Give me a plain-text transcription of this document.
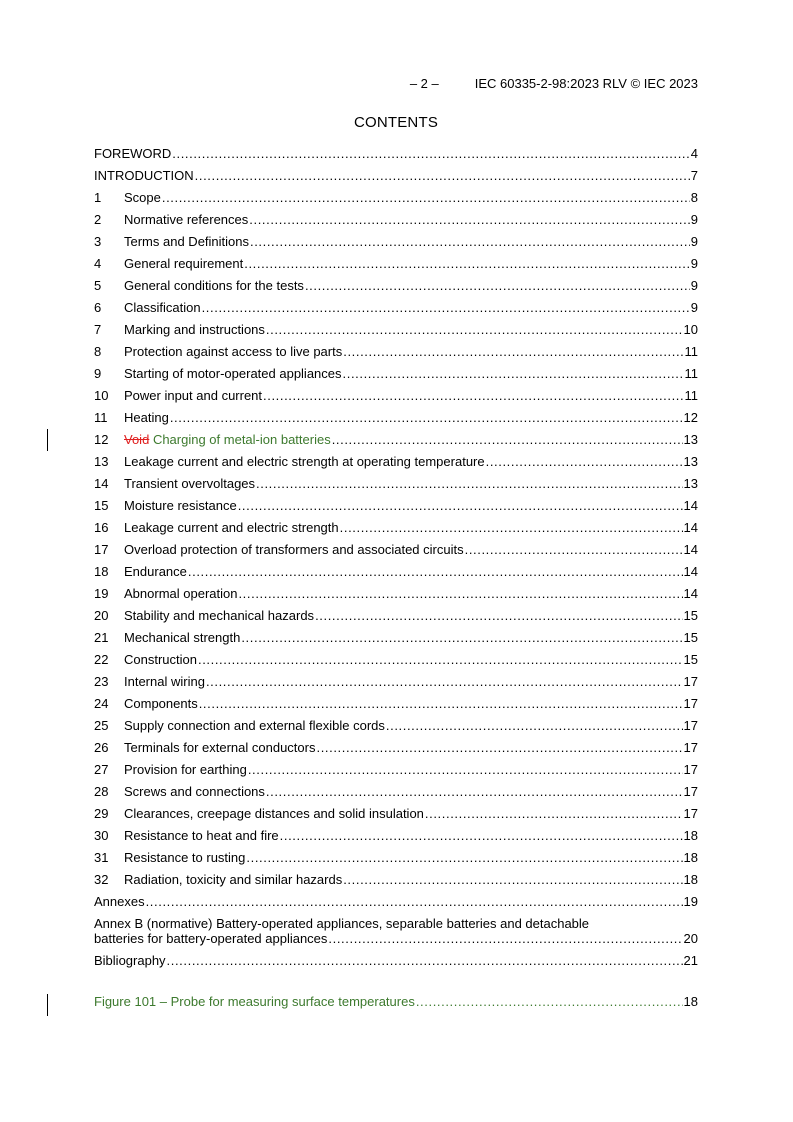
– 2 –	IEC 60335-2-98:2023 RLV © IEC 2023
CONTENTS
FOREWORD .....	4
INTRODUCTION .....	7
1	Scope .....	8
2	Normative references .....	9
3	Terms and Definitions .....	9
4	General requirement .....	9
5	General conditions for the tests .....	9
6	Classification .....	9
7	Marking and instructions .....	10
8	Protection against access to live parts .....	11
9	Starting of motor-operated appliances .....	11
10	Power input and current .....	11
11	Heating .....	12
12	Void Charging of metal-ion batteries .....	13
13	Leakage current and electric strength at operating temperature .....	13
14	Transient overvoltages .....	13
15	Moisture resistance .....	14
16	Leakage current and electric strength .....	14
17	Overload protection of transformers and associated circuits .....	14
18	Endurance .....	14
19	Abnormal operation .....	14
20	Stability and mechanical hazards .....	15
21	Mechanical strength .....	15
22	Construction .....	15
23	Internal wiring .....	17
24	Components .....	17
25	Supply connection and external flexible cords .....	17
26	Terminals for external conductors .....	17
27	Provision for earthing .....	17
28	Screws and connections .....	17
29	Clearances, creepage distances and solid insulation .....	17
30	Resistance to heat and fire .....	18
31	Resistance to rusting .....	18
32	Radiation, toxicity and similar hazards .....	18
Annexes .....	19
Annex B (normative) Battery-operated appliances, separable batteries and detachable
batteries for battery-operated appliances .....	20
Bibliography .....	21
Figure 101 – Probe for measuring surface temperatures .....	18
